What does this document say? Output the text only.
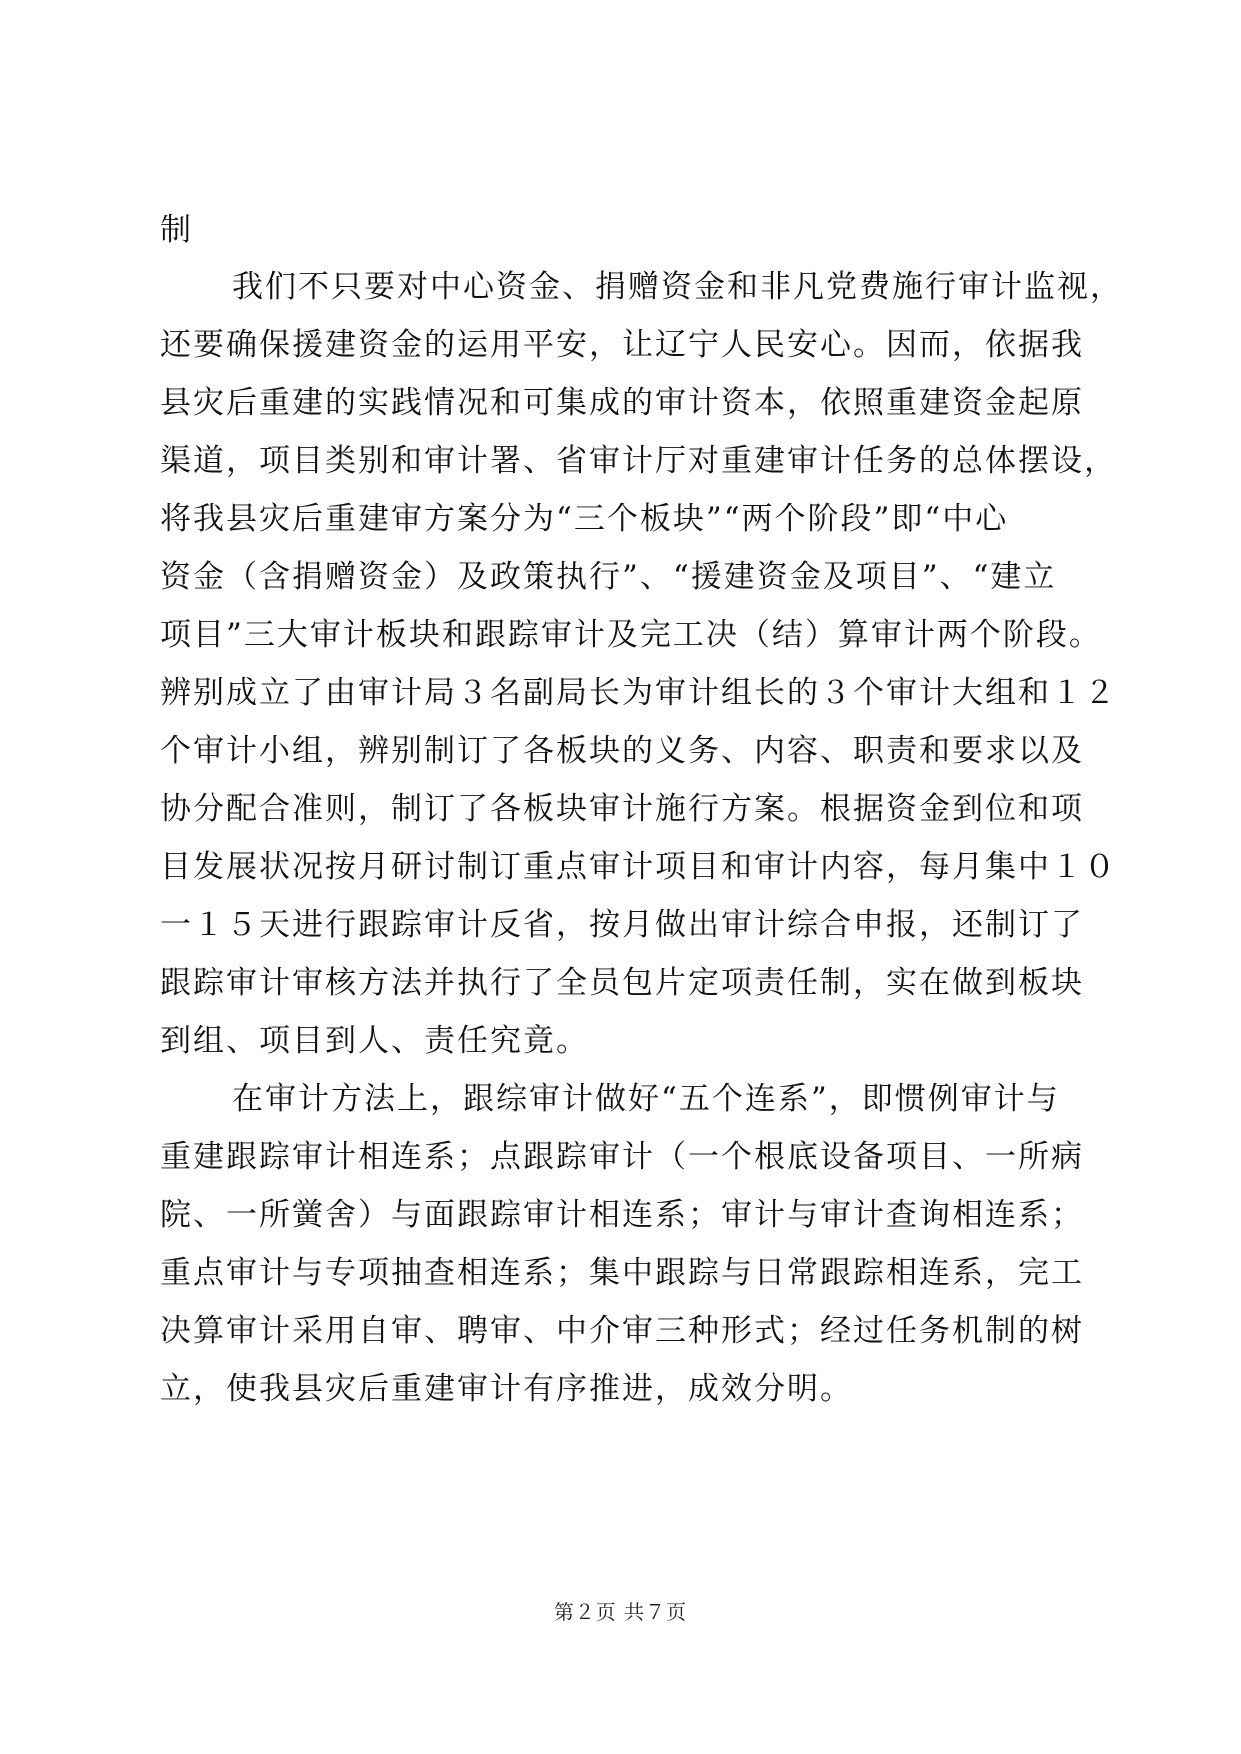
制
我们不只要对中心资金、捐赠资金和非凡党费施行审计监视，
还要确保援建资金的运用平安，让辽宁人民安心。因而，依据我
县灾后重建的实践情况和可集成的审计资本，依照重建资金起原
渠道，项目类别和审计署、省审计厅对重建审计任务的总体摆设，
将我县灾后重建审方案分为“三个板块”“两个阶段”即“中心
资金（含捐赠资金）及政策执行”、“援建资金及项目”、“建立
项目”三大审计板块和跟踪审计及完工决（结）算审计两个阶段。
辨别成立了由审计局３名副局长为审计组长的３个审计大组和１２
个审计小组，辨别制订了各板块的义务、内容、职责和要求以及
协分配合准则，制订了各板块审计施行方案。根据资金到位和项
目发展状况按月研讨制订重点审计项目和审计内容，每月集中１０
一１５天进行跟踪审计反省，按月做出审计综合申报，还制订了
跟踪审计审核方法并执行了全员包片定项责任制，实在做到板块
到组、项目到人、责任究竟。
在审计方法上，跟综审计做好“五个连系”，即惯例审计与
重建跟踪审计相连系；点跟踪审计（一个根底设备项目、一所病
院、一所黉舍）与面跟踪审计相连系；审计与审计查询相连系；
重点审计与专项抽查相连系；集中跟踪与日常跟踪相连系，完工
决算审计采用自审、聘审、中介审三种形式；经过任务机制的树
立，使我县灾后重建审计有序推进，成效分明。
第２页 共７页
